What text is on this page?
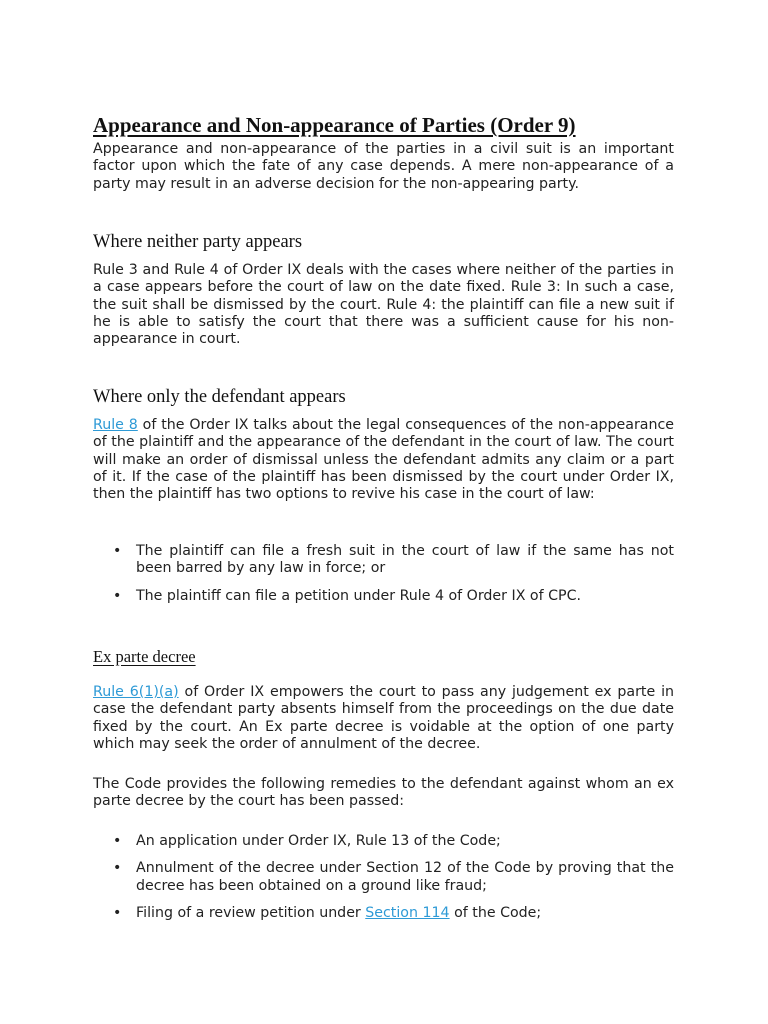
Appearance and Non-appearance of Parties (Order 9)

Appearance and non-appearance of the parties in a civil suit is an important factor upon which the fate of any case depends. A mere non-appearance of a party may result in an adverse decision for the non-appearing party.

Where neither party appears

Rule 3 and Rule 4 of Order IX deals with the cases where neither of the parties in a case appears before the court of law on the date fixed. Rule 3: In such a case, the suit shall be dismissed by the court. Rule 4: the plaintiff can file a new suit if he is able to satisfy the court that there was a sufficient cause for his non-appearance in court.

Where only the defendant appears

Rule 8 of the Order IX talks about the legal consequences of the non-appearance of the plaintiff and the appearance of the defendant in the court of law. The court will make an order of dismissal unless the defendant admits any claim or a part of it. If the case of the plaintiff has been dismissed by the court under Order IX, then the plaintiff has two options to revive his case in the court of law:

• The plaintiff can file a fresh suit in the court of law if the same has not been barred by any law in force; or
• The plaintiff can file a petition under Rule 4 of Order IX of CPC.
Ex parte decree

Rule 6(1)(a) of Order IX empowers the court to pass any judgement ex parte in case the defendant party absents himself from the proceedings on the due date fixed by the court. An Ex parte decree is voidable at the option of one party which may seek the order of annulment of the decree.

The Code provides the following remedies to the defendant against whom an ex parte decree by the court has been passed:

• An application under Order IX, Rule 13 of the Code;
• Annulment of the decree under Section 12 of the Code by proving that the decree has been obtained on a ground like fraud;
• Filing of a review petition under Section 114 of the Code;
